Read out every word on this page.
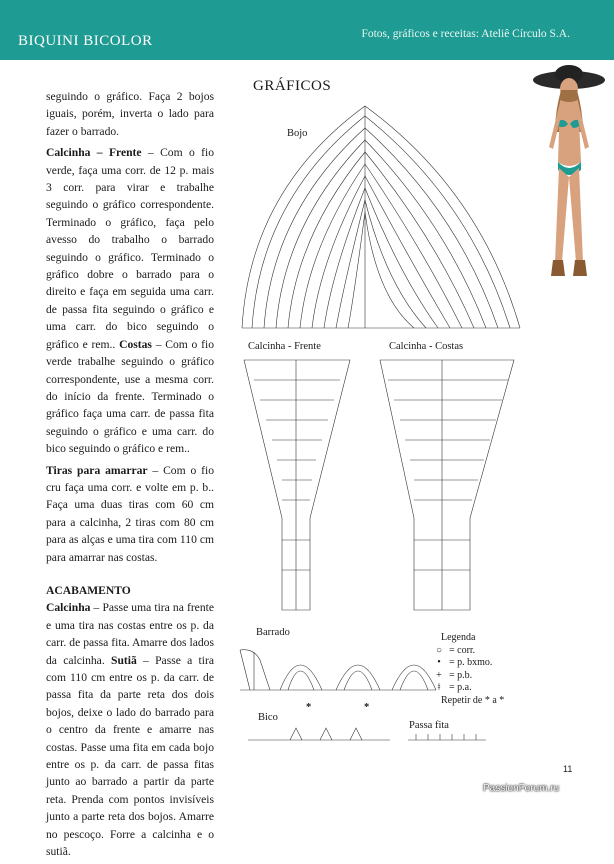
BIQUINI BICOLOR	Fotos, gráficos e receitas: Ateliê Círculo S.A.

seguindo o gráfico. Faça 2 bojos iguais, porém, inverta o lado para fazer o barrado.

Calcinha – Frente – Com o fio verde, faça uma corr. de 12 p. mais 3 corr. para virar e trabalhe seguindo o gráfico correspondente. Terminado o gráfico, faça pelo avesso do trabalho o barrado seguindo o gráfico. Terminado o gráfico dobre o barrado para o direito e faça em seguida uma carr. de passa fita seguindo o gráfico e uma carr. do bico seguindo o gráfico e rem.. Costas – Com o fio verde trabalhe seguindo o gráfico correspondente, use a mesma corr. do início da frente. Terminado o gráfico faça uma carr. de passa fita seguindo o gráfico e uma carr. do bico seguindo o gráfico e rem..

Tiras para amarrar – Com o fio cru faça uma corr. e volte em p. b.. Faça uma duas tiras com 60 cm para a calcinha, 2 tiras com 80 cm para as alças e uma tira com 110 cm para amarrar nas costas.

ACABAMENTO

Calcinha – Passe uma tira na frente e uma tira nas costas entre os p. da carr. de passa fita. Amarre dos lados da calcinha. Sutiã – Passe a tira com 110 cm entre os p. da carr. de passa fita da parte reta dos dois bojos, deixe o lado do barrado para o centro da frente e amarre nas costas. Passe uma fita em cada bojo entre os p. da carr. de passa fitas junto ao barrado a partir da parte reta. Prenda com pontos invisíveis junto a parte reta dos bojos. Amarre no pescoço. Forre a calcinha e o sutiã.

GRÁFICOS
Bojo
Calcinha - Frente	Calcinha - Costas
Barrado
Bico
Passa fita
*	*
Legenda
○ = corr.
• = p. bxmo.
+ = p.b.
ǂ = p.a.
Repetir de * a *
11
PassionForum.ru
